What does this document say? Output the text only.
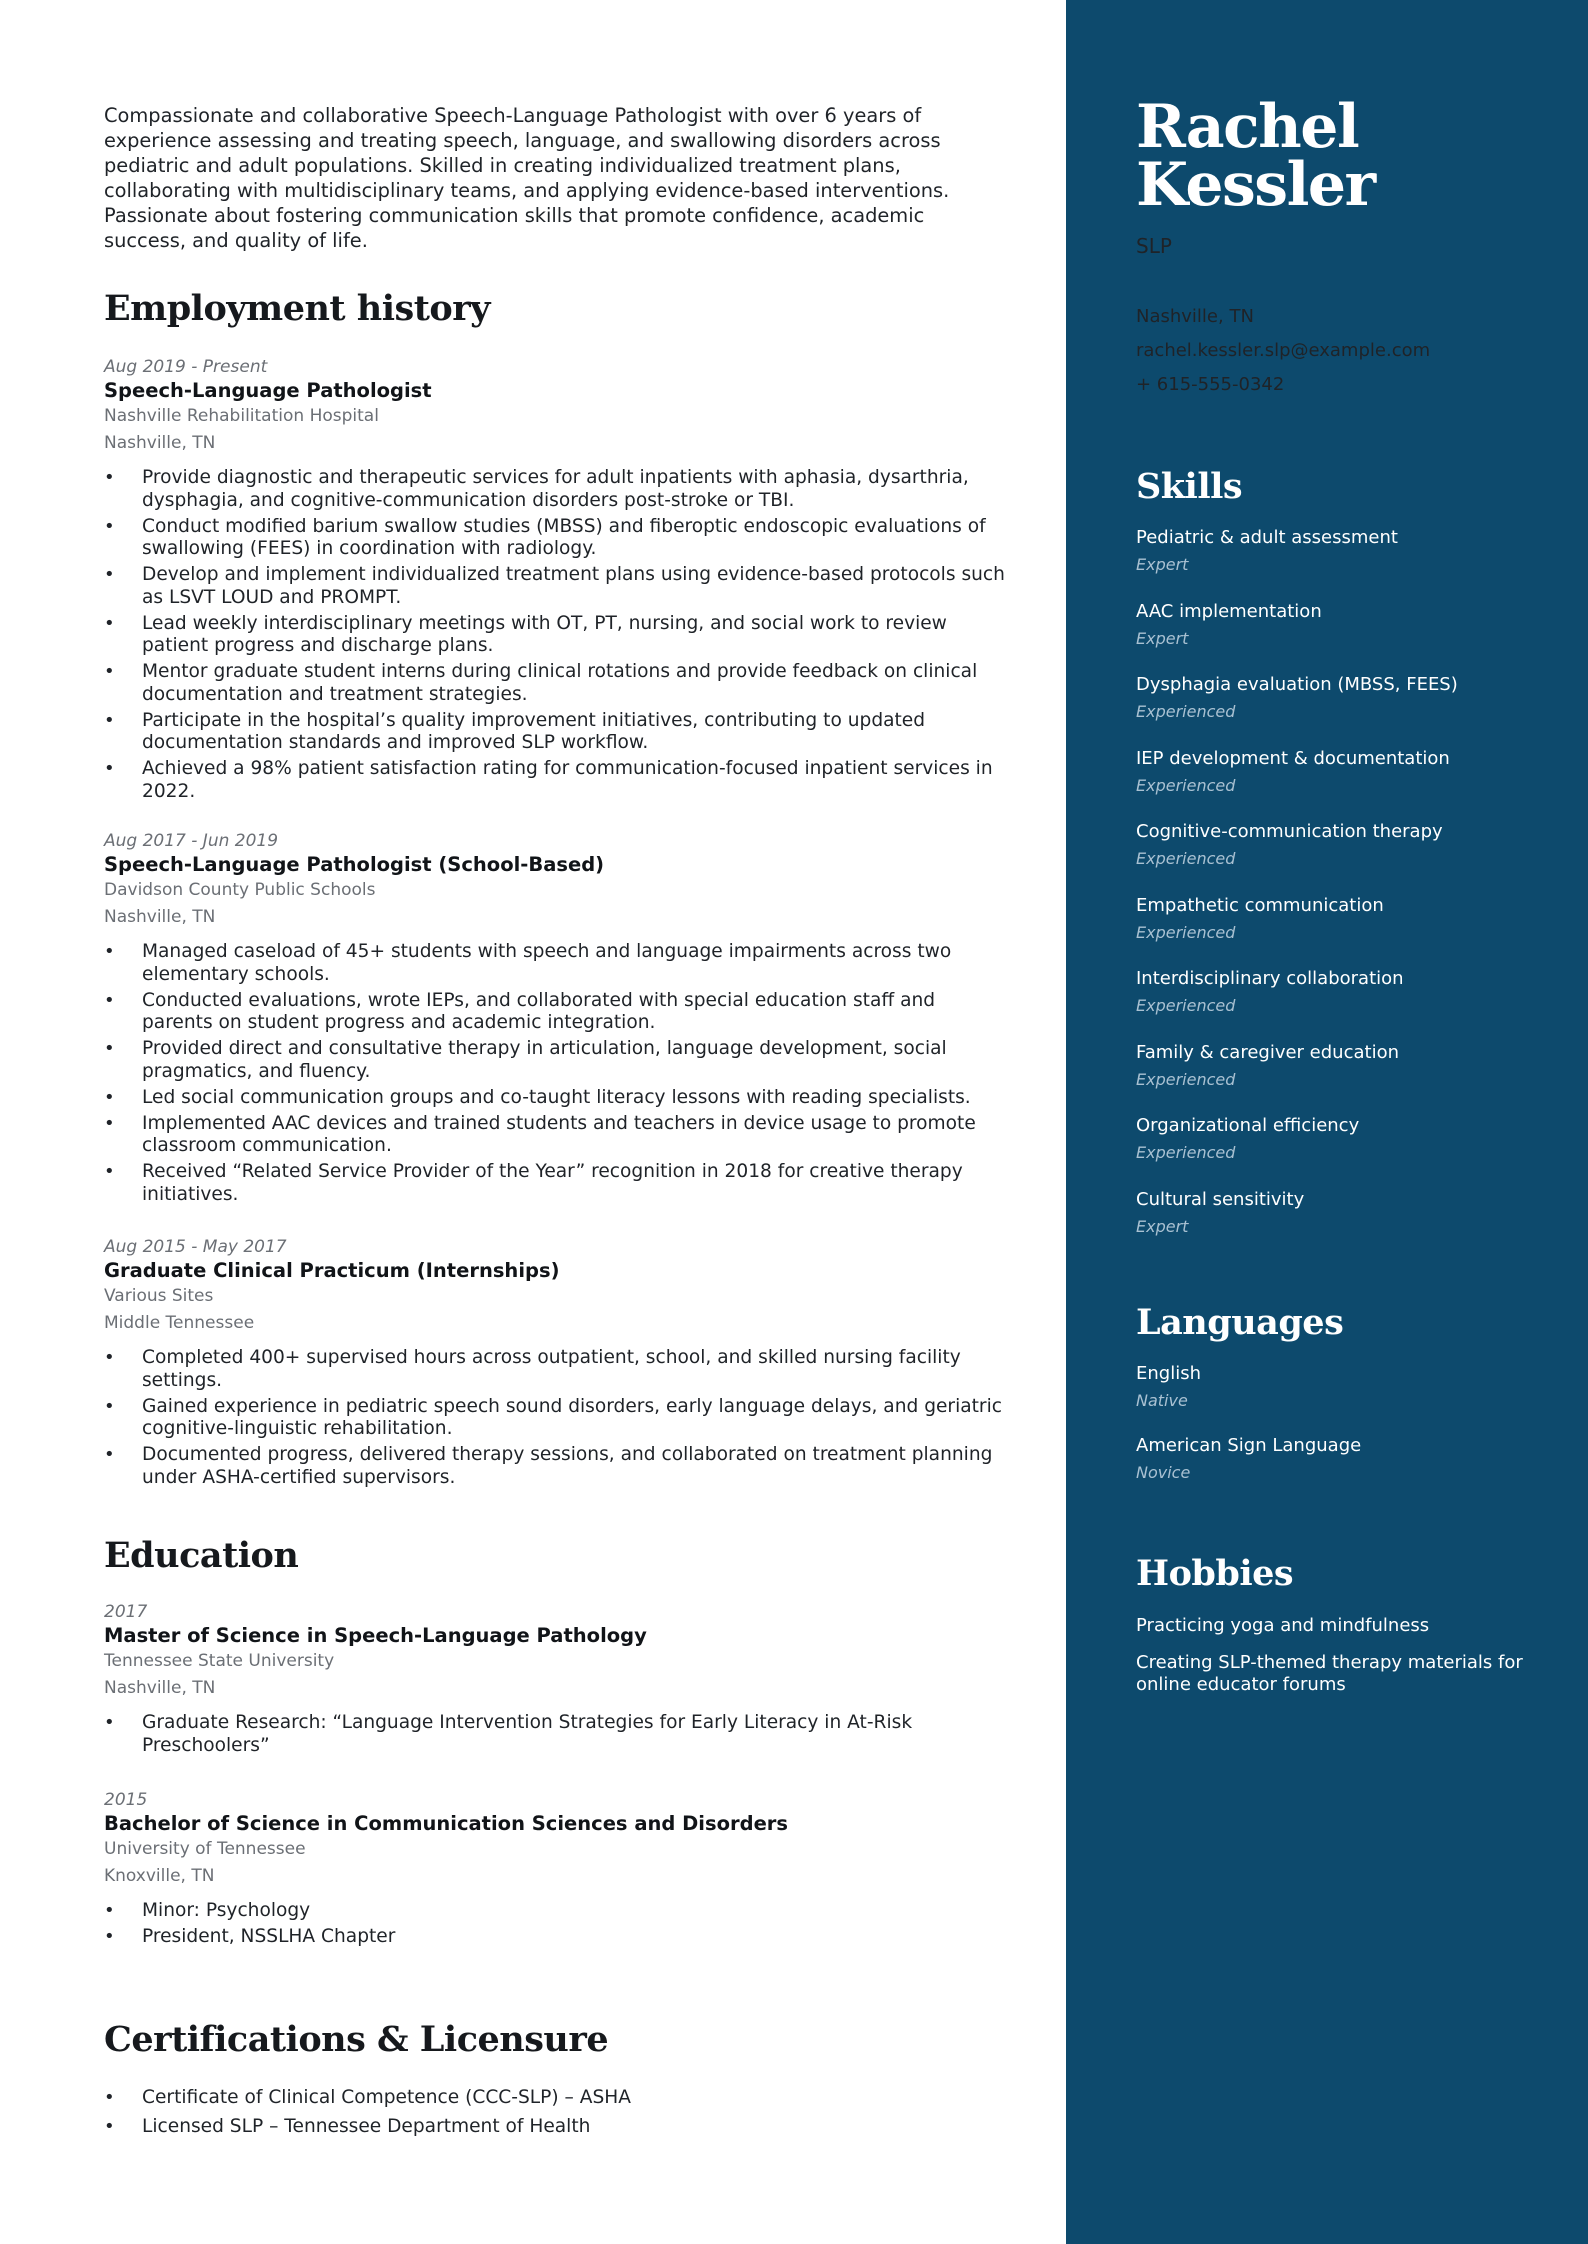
Compassionate and collaborative Speech-Language Pathologist with over 6 years of experience assessing and treating speech, language, and swallowing disorders across pediatric and adult populations. Skilled in creating individualized treatment plans, collaborating with multidisciplinary teams, and applying evidence-based interventions. Passionate about fostering communication skills that promote confidence, academic success, and quality of life.

Employment history

Aug 2019 - Present

Speech-Language Pathologist

Nashville Rehabilitation Hospital

Nashville, TN

• Provide diagnostic and therapeutic services for adult inpatients with aphasia, dysarthria, dysphagia, and cognitive-communication disorders post-stroke or TBI.
• Conduct modified barium swallow studies (MBSS) and fiberoptic endoscopic evaluations of swallowing (FEES) in coordination with radiology.
• Develop and implement individualized treatment plans using evidence-based protocols such as LSVT LOUD and PROMPT.
• Lead weekly interdisciplinary meetings with OT, PT, nursing, and social work to review patient progress and discharge plans.
• Mentor graduate student interns during clinical rotations and provide feedback on clinical documentation and treatment strategies.
• Participate in the hospital’s quality improvement initiatives, contributing to updated documentation standards and improved SLP workflow.
• Achieved a 98% patient satisfaction rating for communication-focused inpatient services in 2022.

Aug 2017 - Jun 2019

Speech-Language Pathologist (School-Based)

Davidson County Public Schools

Nashville, TN

• Managed caseload of 45+ students with speech and language impairments across two elementary schools.
• Conducted evaluations, wrote IEPs, and collaborated with special education staff and parents on student progress and academic integration.
• Provided direct and consultative therapy in articulation, language development, social pragmatics, and fluency.
• Led social communication groups and co-taught literacy lessons with reading specialists.
• Implemented AAC devices and trained students and teachers in device usage to promote classroom communication.
• Received “Related Service Provider of the Year” recognition in 2018 for creative therapy initiatives.

Aug 2015 - May 2017

Graduate Clinical Practicum (Internships)

Various Sites

Middle Tennessee

• Completed 400+ supervised hours across outpatient, school, and skilled nursing facility settings.
• Gained experience in pediatric speech sound disorders, early language delays, and geriatric cognitive-linguistic rehabilitation.
• Documented progress, delivered therapy sessions, and collaborated on treatment planning under ASHA-certified supervisors.
Education

2017

Master of Science in Speech-Language Pathology

Tennessee State University

Nashville, TN

• Graduate Research: “Language Intervention Strategies for Early Literacy in At-Risk Preschoolers”

2015

Bachelor of Science in Communication Sciences and Disorders

University of Tennessee

Knoxville, TN

• Minor: Psychology
• President, NSSLHA Chapter
Certifications & Licensure
• Certificate of Clinical Competence (CCC-SLP) – ASHA
• Licensed SLP – Tennessee Department of Health
Rachel
Kessler

SLP

Nashville, TN
rachel.kessler.slp@example.com
+ 615-555-0342
Skills
Pediatric & adult assessment
Expert
AAC implementation
Expert
Dysphagia evaluation (MBSS, FEES)
Experienced
IEP development & documentation
Experienced
Cognitive-communication therapy
Experienced
Empathetic communication
Experienced
Interdisciplinary collaboration
Experienced
Family & caregiver education
Experienced
Organizational efficiency
Experienced
Cultural sensitivity
Expert
Languages
English
Native
American Sign Language
Novice
Hobbies
Practicing yoga and mindfulness
Creating SLP-themed therapy materials for online educator forums
